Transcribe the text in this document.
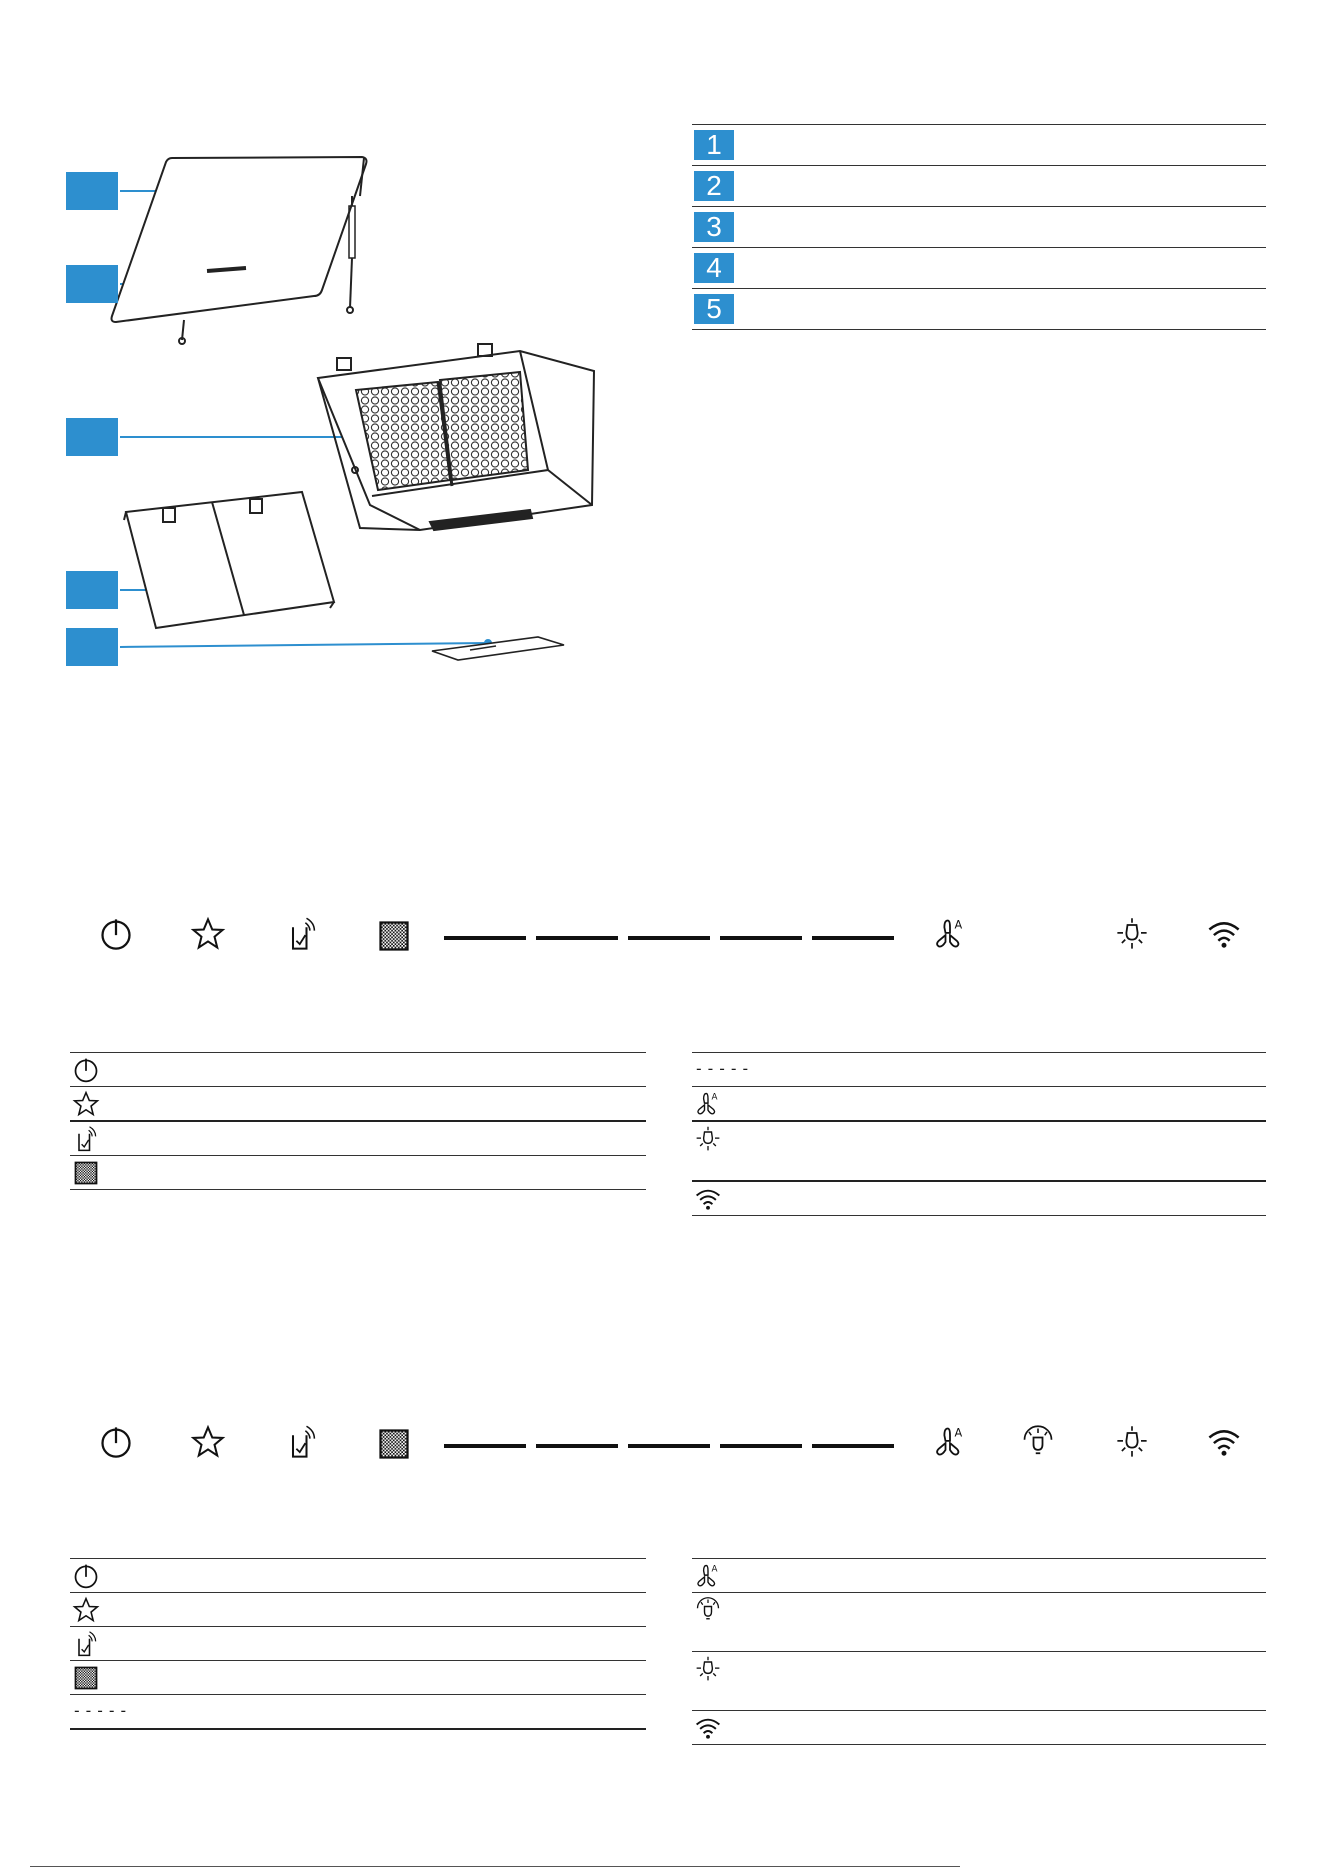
1
2
3
4
5
-----
-----
